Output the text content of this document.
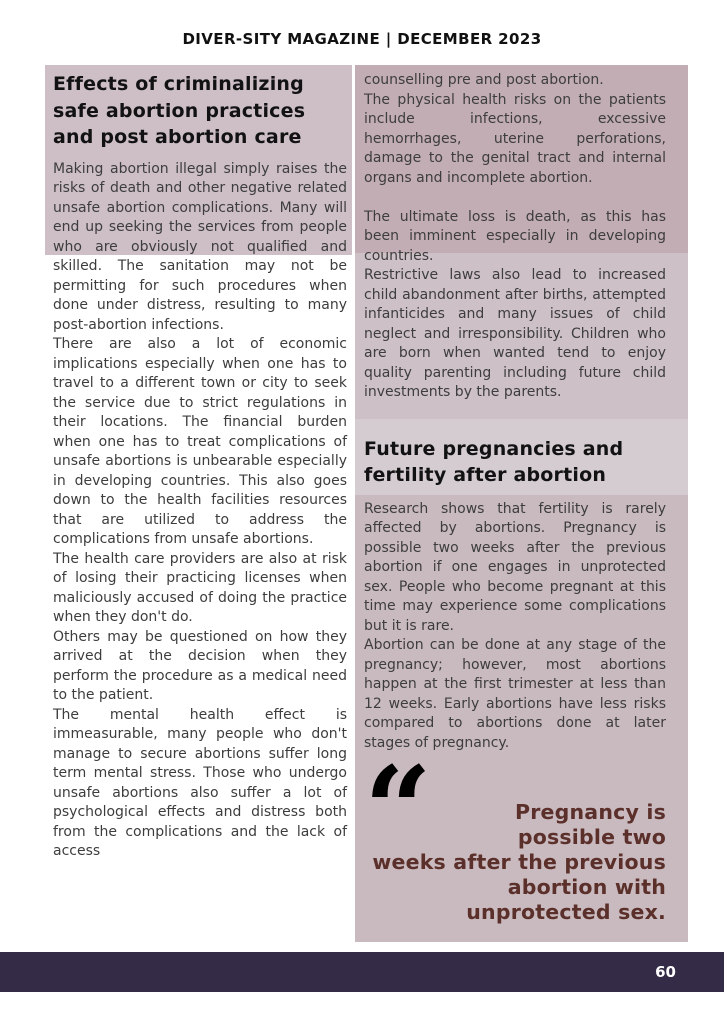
DIVER-SITY MAGAZINE | DECEMBER 2023
Effects of criminalizing safe abortion practices and post abortion care

Making abortion illegal simply raises the risks of death and other negative related unsafe abortion complications. Many will end up seeking the services from people who are obviously not qualified and skilled. The sanitation may not be permitting for such procedures when done under distress, resulting to many post-abortion infections.

There are also a lot of economic implications especially when one has to travel to a different town or city to seek the service due to strict regulations in their locations. The financial burden when one has to treat complications of unsafe abortions is unbearable especially in developing countries. This also goes down to the health facilities resources that are utilized to address the complications from unsafe abortions.

The health care providers are also at risk of losing their practicing licenses when maliciously accused of doing the practice when they don't do.

Others may be questioned on how they arrived at the decision when they perform the procedure as a medical need to the patient.

The mental health effect is immeasurable, many people who don't manage to secure abortions suffer long term mental stress. Those who undergo unsafe abortions also suffer a lot of psychological effects and distress both from the complications and the lack of access

counselling pre and post abortion.

The physical health risks on the patients include infections, excessive hemorrhages, uterine perforations, damage to the genital tract and internal organs and incomplete abortion.

The ultimate loss is death, as this has been imminent especially in developing countries.

Restrictive laws also lead to increased child abandonment after births, attempted infanticides and many issues of child neglect and irresponsibility. Children who are born when wanted tend to enjoy quality parenting including future child investments by the parents.

Future pregnancies and fertility after abortion

Research shows that fertility is rarely affected by abortions. Pregnancy is possible two weeks after the previous abortion if one engages in unprotected sex. People who become pregnant at this time may experience some complications but it is rare.

Abortion can be done at any stage of the pregnancy; however, most abortions happen at the first trimester at less than 12 weeks. Early abortions have less risks compared to abortions done at later stages of pregnancy.

“	Pregnancy is possible two weeks after the previous abortion with unprotected sex.
60
